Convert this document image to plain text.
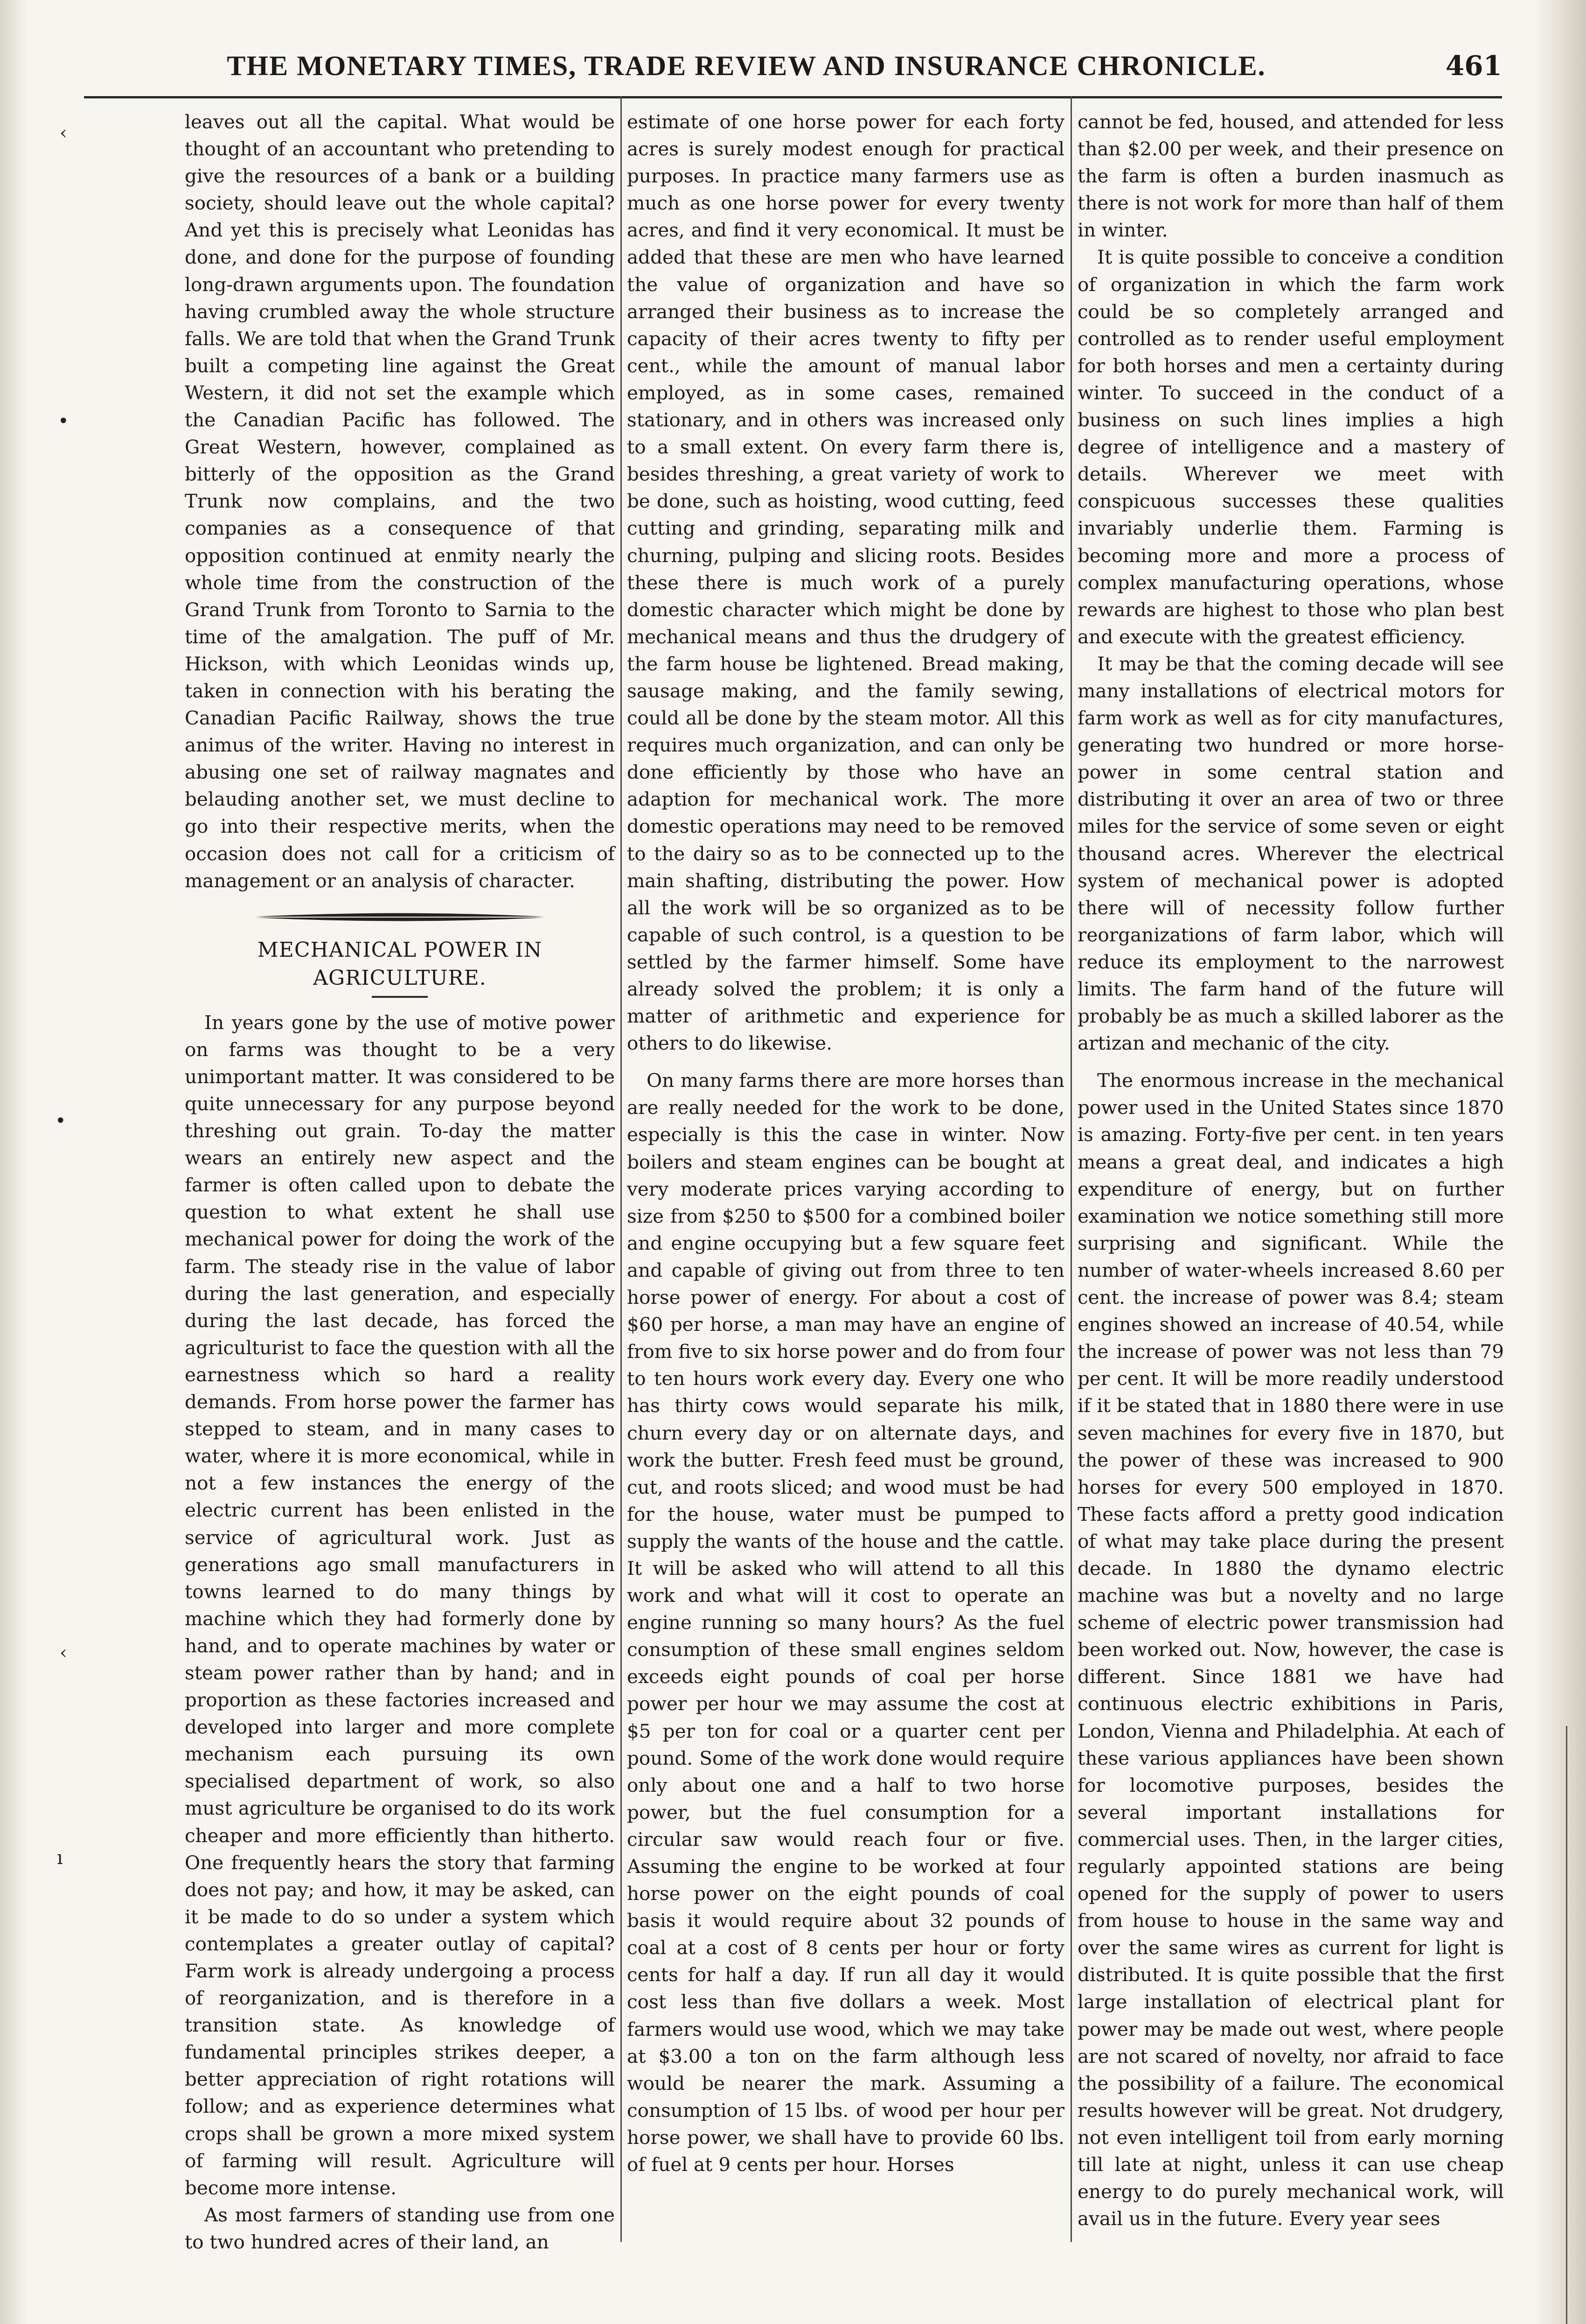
‹
•
•
‹
ı
THE MONETARY TIMES, TRADE REVIEW AND INSURANCE CHRONICLE.	461

leaves out all the capital. What would be thought of an accountant who pretending to give the resources of a bank or a building society, should leave out the whole capital? And yet this is precisely what Leonidas has done, and done for the purpose of founding long-drawn arguments upon. The foundation having crumbled away the whole structure falls. We are told that when the Grand Trunk built a competing line against the Great Western, it did not set the example which the Canadian Pacific has followed. The Great Western, however, complained as bitterly of the opposition as the Grand Trunk now complains, and the two companies as a consequence of that opposition continued at enmity nearly the whole time from the construction of the Grand Trunk from Toronto to Sarnia to the time of the amalgation. The puff of Mr. Hickson, with which Leonidas winds up, taken in connection with his berating the Canadian Pacific Railway, shows the true animus of the writer. Having no interest in abusing one set of railway magnates and belauding another set, we must decline to go into their respective merits, when the occasion does not call for a criticism of management or an analysis of character.

MECHANICAL POWER IN AGRICULTURE.

In years gone by the use of motive power on farms was thought to be a very unimportant matter. It was considered to be quite unnecessary for any purpose beyond threshing out grain. To-day the matter wears an entirely new aspect and the farmer is often called upon to debate the question to what extent he shall use mechanical power for doing the work of the farm. The steady rise in the value of labor during the last generation, and especially during the last decade, has forced the agriculturist to face the question with all the earnestness which so hard a reality demands. From horse power the farmer has stepped to steam, and in many cases to water, where it is more economical, while in not a few instances the energy of the electric current has been enlisted in the service of agricultural work. Just as generations ago small manufacturers in towns learned to do many things by machine which they had formerly done by hand, and to operate machines by water or steam power rather than by hand; and in proportion as these factories increased and developed into larger and more complete mechanism each pursuing its own specialised department of work, so also must agriculture be organised to do its work cheaper and more efficiently than hitherto. One frequently hears the story that farming does not pay; and how, it may be asked, can it be made to do so under a system which contemplates a greater outlay of capital? Farm work is already undergoing a process of reorganization, and is therefore in a transition state. As knowledge of fundamental principles strikes deeper, a better appreciation of right rotations will follow; and as experience determines what crops shall be grown a more mixed system of farming will result. Agriculture will become more intense.

As most farmers of standing use from one to two hundred acres of their land, an

estimate of one horse power for each forty acres is surely modest enough for practical purposes. In practice many farmers use as much as one horse power for every twenty acres, and find it very economical. It must be added that these are men who have learned the value of organization and have so arranged their business as to increase the capacity of their acres twenty to fifty per cent., while the amount of manual labor employed, as in some cases, remained stationary, and in others was increased only to a small extent. On every farm there is, besides threshing, a great variety of work to be done, such as hoisting, wood cutting, feed cutting and grinding, separating milk and churning, pulping and slicing roots. Besides these there is much work of a purely domestic character which might be done by mechanical means and thus the drudgery of the farm house be lightened. Bread making, sausage making, and the family sewing, could all be done by the steam motor. All this requires much organization, and can only be done efficiently by those who have an adaption for mechanical work. The more domestic operations may need to be removed to the dairy so as to be connected up to the main shafting, distributing the power. How all the work will be so organized as to be capable of such control, is a question to be settled by the farmer himself. Some have already solved the problem; it is only a matter of arithmetic and experience for others to do likewise.

On many farms there are more horses than are really needed for the work to be done, especially is this the case in winter. Now boilers and steam engines can be bought at very moderate prices varying according to size from $250 to $500 for a combined boiler and engine occupying but a few square feet and capable of giving out from three to ten horse power of energy. For about a cost of $60 per horse, a man may have an engine of from five to six horse power and do from four to ten hours work every day. Every one who has thirty cows would separate his milk, churn every day or on alternate days, and work the butter. Fresh feed must be ground, cut, and roots sliced; and wood must be had for the house, water must be pumped to supply the wants of the house and the cattle. It will be asked who will attend to all this work and what will it cost to operate an engine running so many hours? As the fuel consumption of these small engines seldom exceeds eight pounds of coal per horse power per hour we may assume the cost at $5 per ton for coal or a quarter cent per pound. Some of the work done would require only about one and a half to two horse power, but the fuel consumption for a circular saw would reach four or five. Assuming the engine to be worked at four horse power on the eight pounds of coal basis it would require about 32 pounds of coal at a cost of 8 cents per hour or forty cents for half a day. If run all day it would cost less than five dollars a week. Most farmers would use wood, which we may take at $3.00 a ton on the farm although less would be nearer the mark. Assuming a consumption of 15 lbs. of wood per hour per horse power, we shall have to provide 60 lbs. of fuel at 9 cents per hour. Horses

cannot be fed, housed, and attended for less than $2.00 per week, and their presence on the farm is often a burden inasmuch as there is not work for more than half of them in winter.

It is quite possible to conceive a condition of organization in which the farm work could be so completely arranged and controlled as to render useful employment for both horses and men a certainty during winter. To succeed in the conduct of a business on such lines implies a high degree of intelligence and a mastery of details. Wherever we meet with conspicuous successes these qualities invariably underlie them. Farming is becoming more and more a process of complex manufacturing operations, whose rewards are highest to those who plan best and execute with the greatest efficiency.

It may be that the coming decade will see many installations of electrical motors for farm work as well as for city manufactures, generating two hundred or more horse-power in some central station and distributing it over an area of two or three miles for the service of some seven or eight thousand acres. Wherever the electrical system of mechanical power is adopted there will of necessity follow further reorganizations of farm labor, which will reduce its employment to the narrowest limits. The farm hand of the future will probably be as much a skilled laborer as the artizan and mechanic of the city.

The enormous increase in the mechanical power used in the United States since 1870 is amazing. Forty-five per cent. in ten years means a great deal, and indicates a high expenditure of energy, but on further examination we notice something still more surprising and significant. While the number of water-wheels increased 8.60 per cent. the increase of power was 8.4; steam engines showed an increase of 40.54, while the increase of power was not less than 79 per cent. It will be more readily understood if it be stated that in 1880 there were in use seven machines for every five in 1870, but the power of these was increased to 900 horses for every 500 employed in 1870. These facts afford a pretty good indication of what may take place during the present decade. In 1880 the dynamo electric machine was but a novelty and no large scheme of electric power transmission had been worked out. Now, however, the case is different. Since 1881 we have had continuous electric exhibitions in Paris, London, Vienna and Philadelphia. At each of these various appliances have been shown for locomotive purposes, besides the several important installations for commercial uses. Then, in the larger cities, regularly appointed stations are being opened for the supply of power to users from house to house in the same way and over the same wires as current for light is distributed. It is quite possible that the first large installation of electrical plant for power may be made out west, where people are not scared of novelty, nor afraid to face the possibility of a failure. The economical results however will be great. Not drudgery, not even intelligent toil from early morning till late at night, unless it can use cheap energy to do purely mechanical work, will avail us in the future. Every year sees
